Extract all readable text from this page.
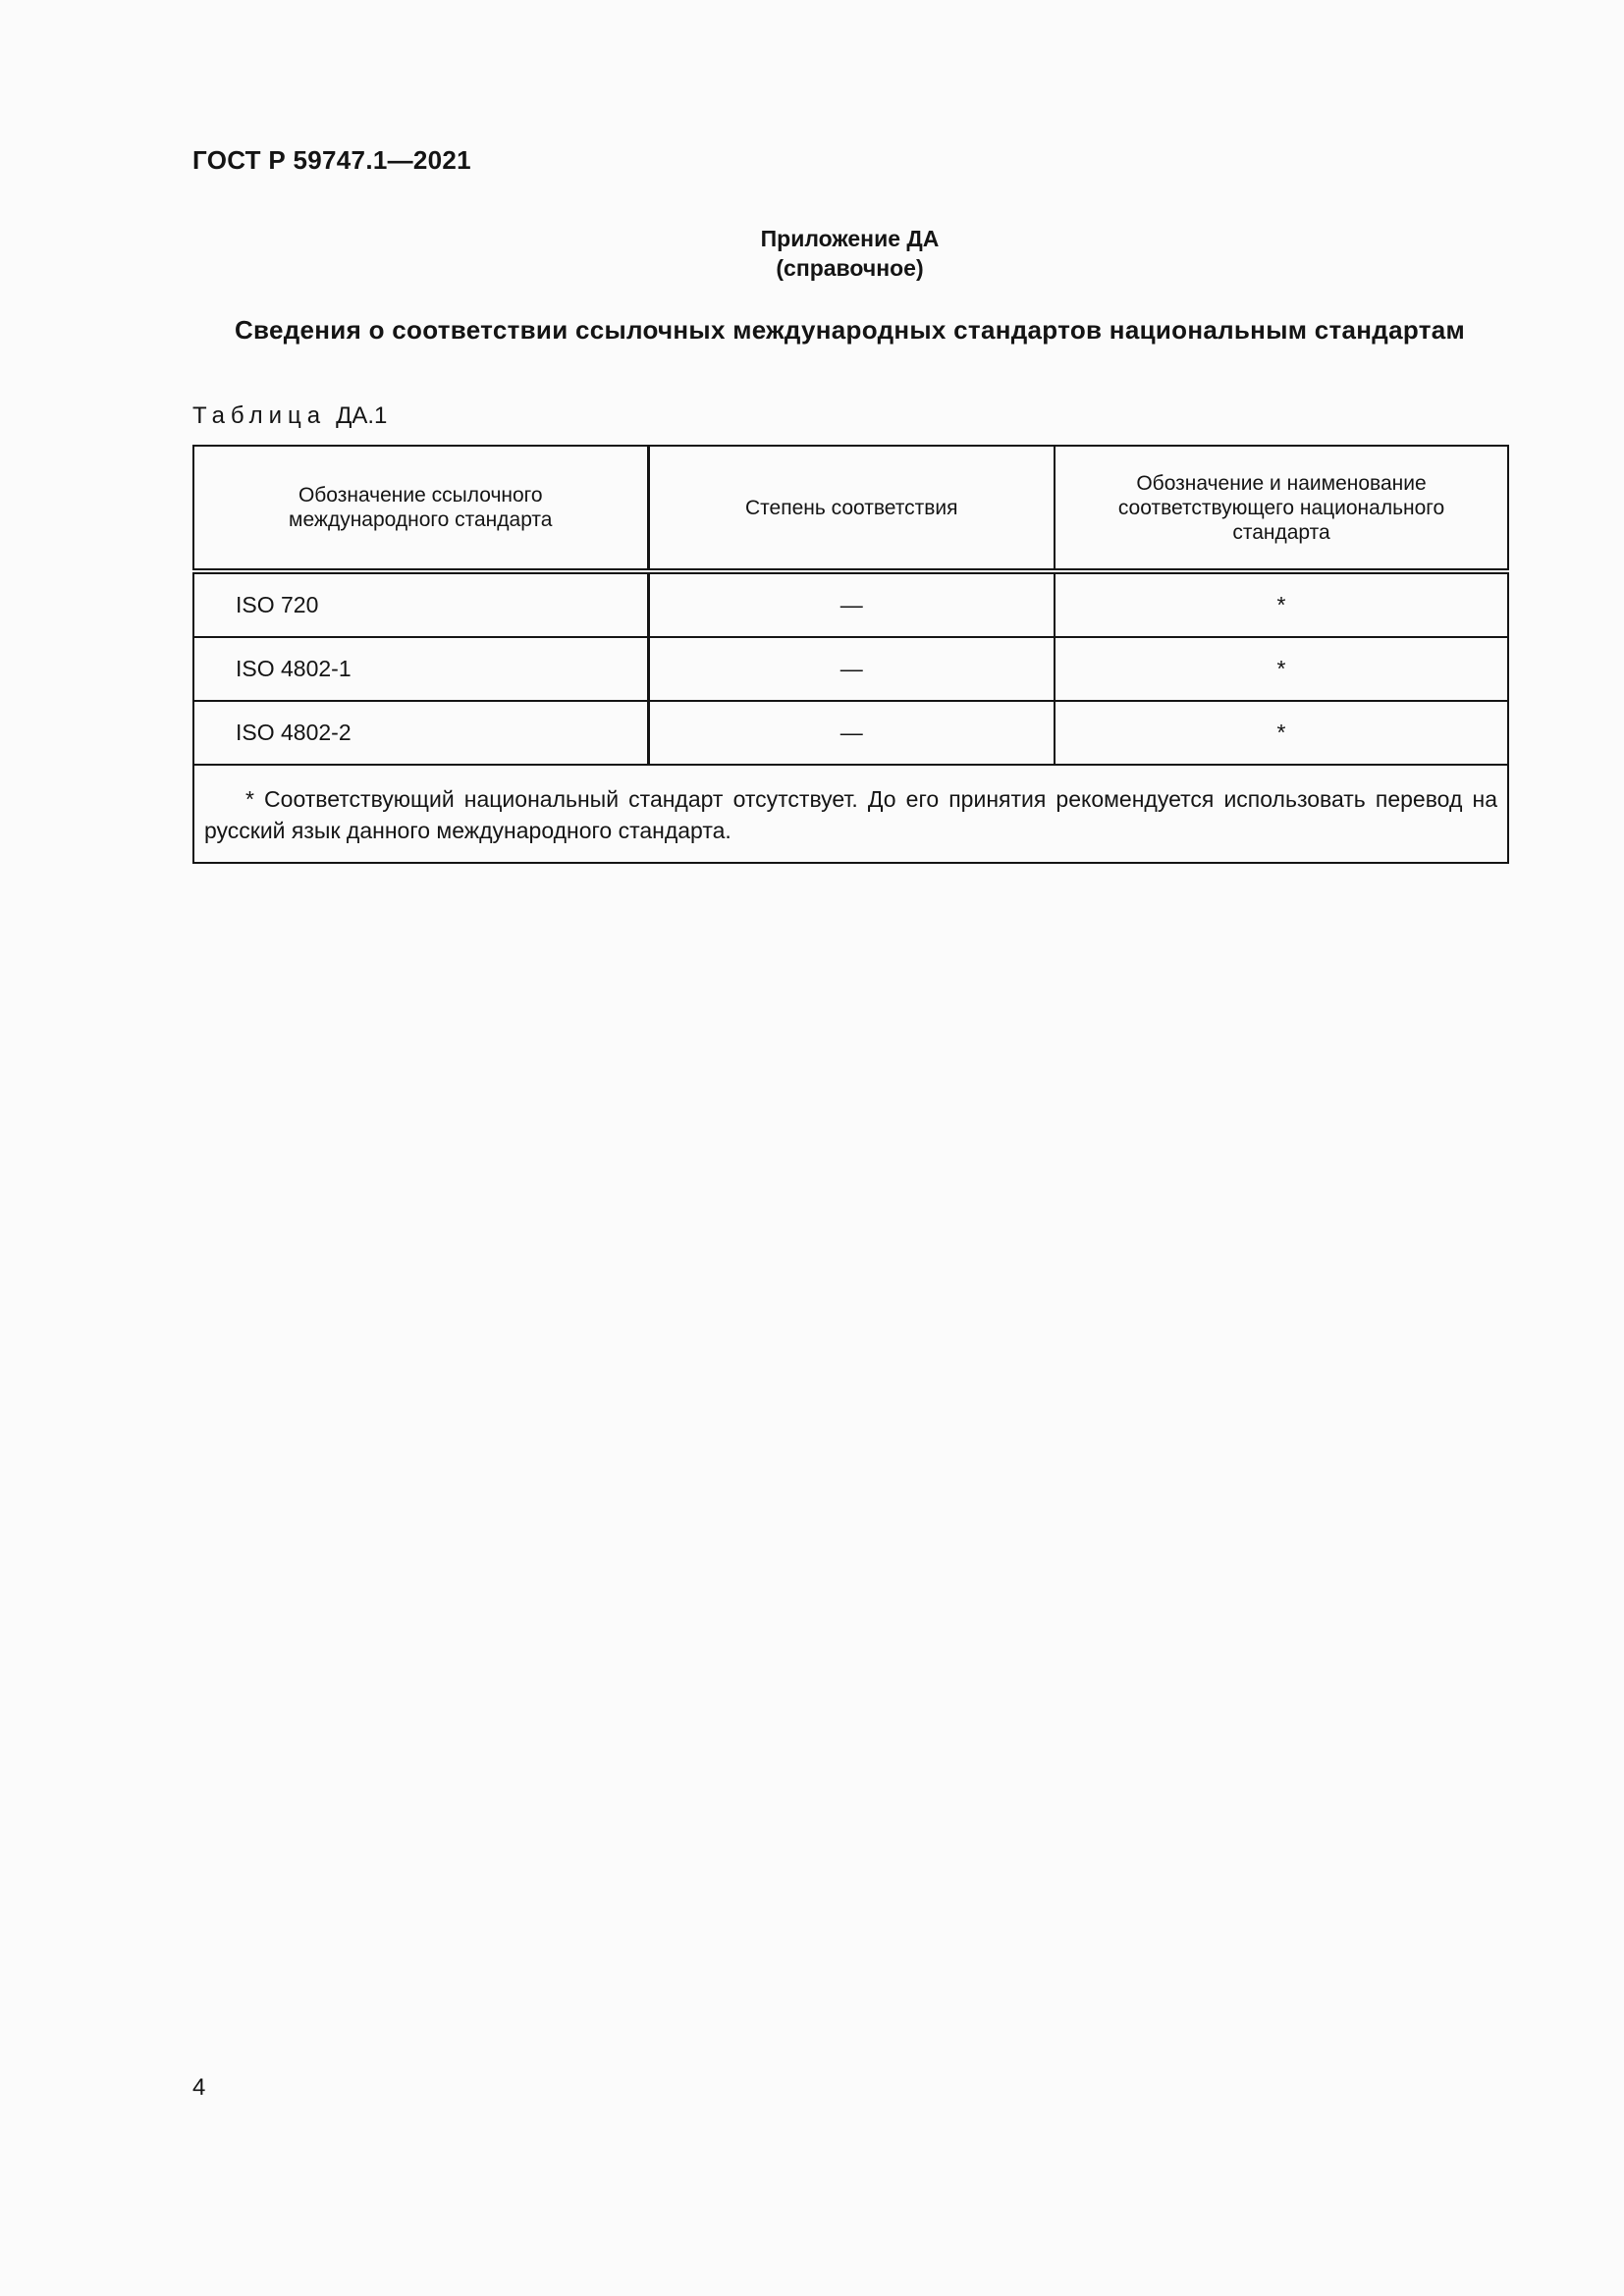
ГОСТ Р 59747.1—2021
Приложение ДА
(справочное)
Сведения о соответствии ссылочных международных стандартов национальным стандартам
Таблица ДА.1
Обозначение ссылочного международного стандарта	Степень соответствия	Обозначение и наименование соответствующего национального стандарта
ISO 720	—	*
ISO 4802-1	—	*
ISO 4802-2	—	*
* Соответствующий национальный стандарт отсутствует. До его принятия рекомендуется использовать перевод на русский язык данного международного стандарта.		
4
